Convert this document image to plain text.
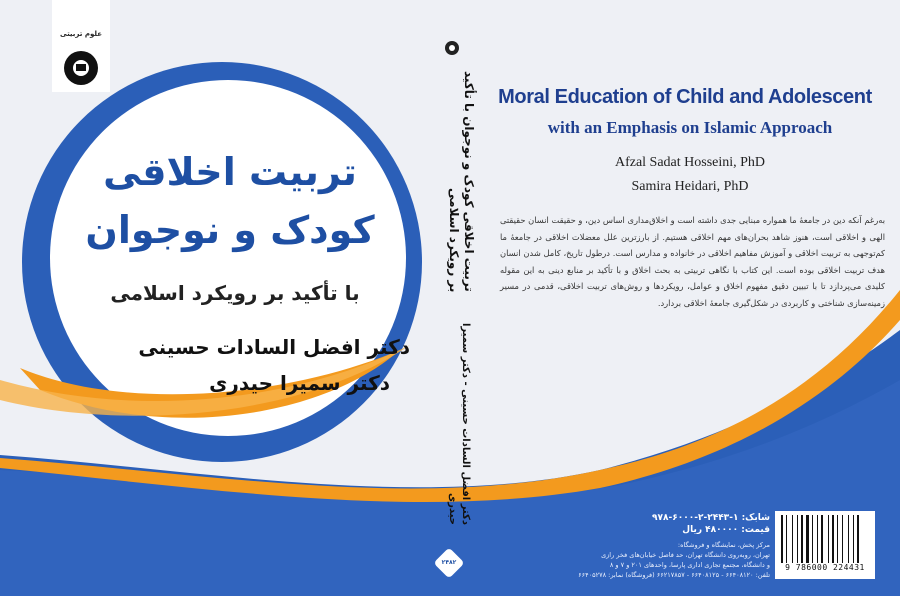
علوم تربیتی
تربیت اخلاقی
کودک و نوجوان
با تأکید بر رویکرد اسلامی
دکتر افضل السادات حسینی
دکتر سمیرا حیدری
تربیت اخلاقی کودک و نوجوان با تأکید بر رویکرد اسلامی
دکتر افضل السادات حسینی - دکتر سمیرا حیدری
۲۴۸۲
Moral Education of Child and Adolescent
with an Emphasis on Islamic Approach
Afzal Sadat Hosseini, PhD
Samira Heidari, PhD
به‌رغم آنکه دین در جامعهٔ ما همواره مبنایی جدی داشته است و اخلاق‌مداری اساس دین، و حقیقت انسان حقیقتی الهی و اخلاقی است، هنوز شاهد بحران‌های مهم اخلاقی هستیم. از بارزترین علل معضلات اخلاقی در جامعهٔ ما کم‌توجهی به تربیت اخلاقی و آموزش مفاهیم اخلاقی در خانواده و مدارس است. درطول تاریخ، کامل شدن انسان هدف تربیت اخلاقی بوده است. این کتاب با نگاهی تربیتی به بحث اخلاق و با تأکید بر منابع دینی به این مقوله کلیدی می‌پردازد تا با تبیین دقیق مفهوم اخلاق و عوامل، رویکردها و روش‌های تربیت اخلاقی، قدمی در مسیر زمینه‌سازی شناختی و کاربردی در شکل‌گیری جامعهٔ اخلاقی بردارد.
شابک: ۱-۲۴۴۳-۲-۶۰۰۰-۹۷۸
قیمت: ۴۸۰۰۰۰ ریال
مرکز پخش، نمایشگاه و فروشگاه:
تهران، روبه‌روی دانشگاه تهران، حد فاصل خیابان‌های فخر رازی
و دانشگاه، مجتمع تجاری اداری پارسا، واحدهای ۲۰۱ و ۷ و ۸
تلفن: ۶۶۴۰۸۱۲۰ - ۶۶۴۰۸۱۲۵ - ۶۶۲۱۷۸۵۷ (فروشگاه) نمابر: ۶۶۴۰۵۲۷۸
9 786000 224431
